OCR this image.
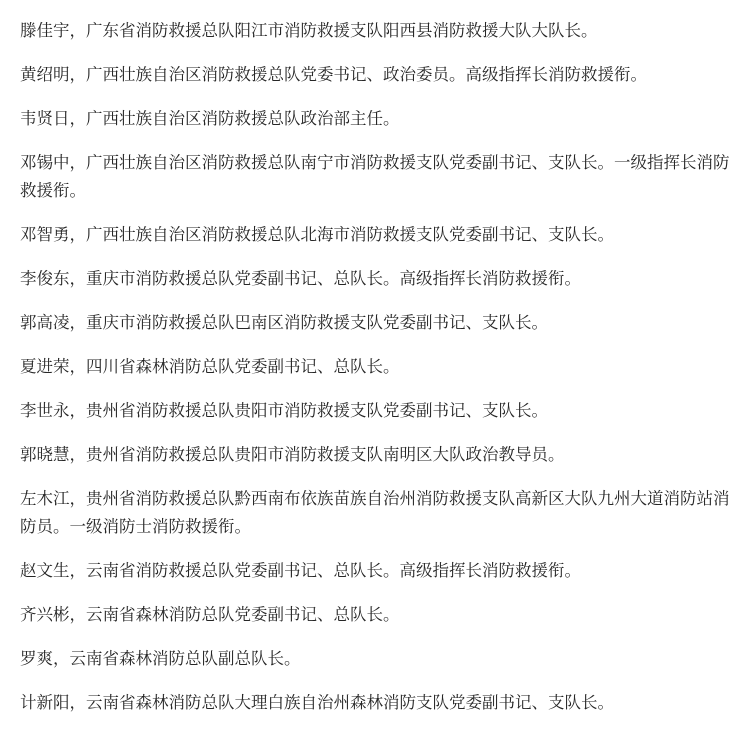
滕佳宇，广东省消防救援总队阳江市消防救援支队阳西县消防救援大队大队长。

黄绍明，广西壮族自治区消防救援总队党委书记、政治委员。高级指挥长消防救援衔。

韦贤日，广西壮族自治区消防救援总队政治部主任。

邓锡中，广西壮族自治区消防救援总队南宁市消防救援支队党委副书记、支队长。一级指挥长消防救援衔。

邓智勇，广西壮族自治区消防救援总队北海市消防救援支队党委副书记、支队长。

李俊东，重庆市消防救援总队党委副书记、总队长。高级指挥长消防救援衔。

郭高凌，重庆市消防救援总队巴南区消防救援支队党委副书记、支队长。

夏进荣，四川省森林消防总队党委副书记、总队长。

李世永，贵州省消防救援总队贵阳市消防救援支队党委副书记、支队长。

郭晓慧，贵州省消防救援总队贵阳市消防救援支队南明区大队政治教导员。

左木江，贵州省消防救援总队黔西南布依族苗族自治州消防救援支队高新区大队九州大道消防站消防员。一级消防士消防救援衔。

赵文生，云南省消防救援总队党委副书记、总队长。高级指挥长消防救援衔。

齐兴彬，云南省森林消防总队党委副书记、总队长。

罗爽，云南省森林消防总队副总队长。

计新阳，云南省森林消防总队大理白族自治州森林消防支队党委副书记、支队长。
